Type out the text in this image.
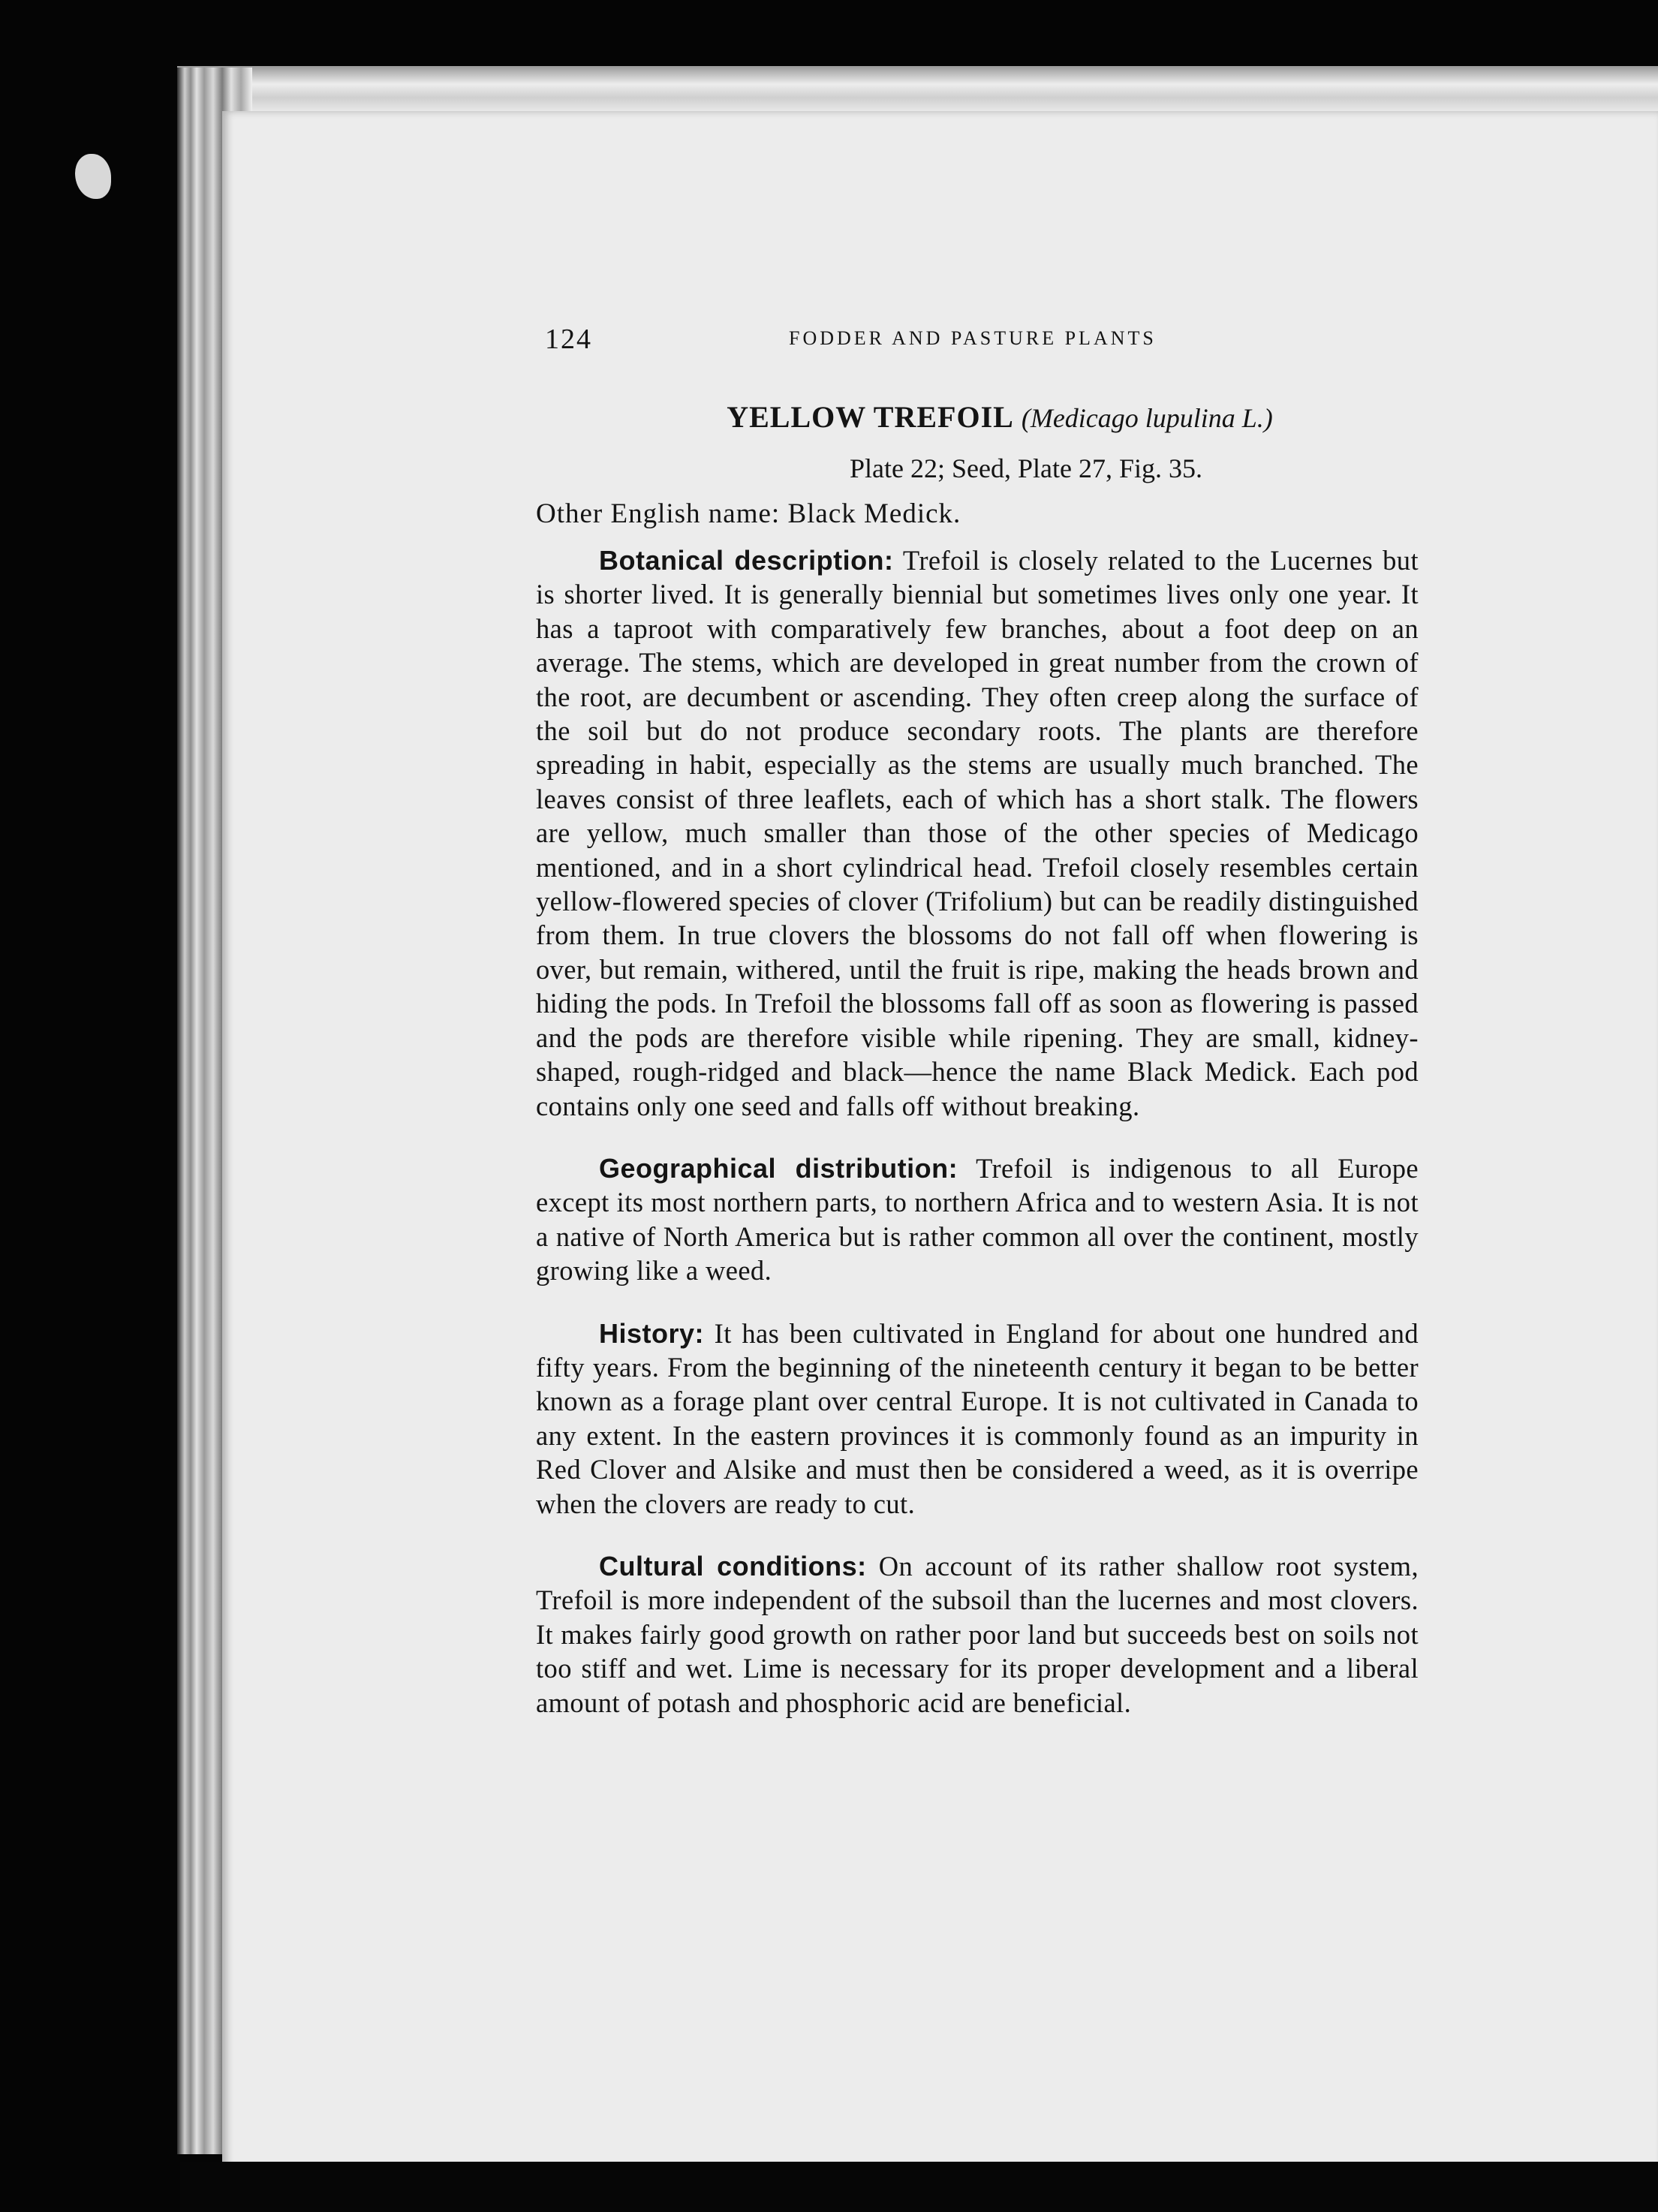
124	FODDER AND PASTURE PLANTS
YELLOW TREFOIL (Medicago lupulina L.)
Plate 22; Seed, Plate 27, Fig. 35.
Other English name: Black Medick.

Botanical description: Trefoil is closely related to the Lucernes but is shorter lived. It is generally biennial but sometimes lives only one year. It has a taproot with comparatively few branches, about a foot deep on an average. The stems, which are developed in great number from the crown of the root, are decumbent or ascending. They often creep along the surface of the soil but do not produce secondary roots. The plants are therefore spreading in habit, especially as the stems are usually much branched. The leaves consist of three leaflets, each of which has a short stalk. The flowers are yellow, much smaller than those of the other species of Medicago mentioned, and in a short cylindrical head. Trefoil closely resembles certain yellow-flowered species of clover (Trifolium) but can be readily distinguished from them. In true clovers the blossoms do not fall off when flowering is over, but remain, withered, until the fruit is ripe, making the heads brown and hiding the pods. In Trefoil the blossoms fall off as soon as flowering is passed and the pods are therefore visible while ripening. They are small, kidney-shaped, rough-ridged and black—hence the name Black Medick. Each pod contains only one seed and falls off without breaking.

Geographical distribution: Trefoil is indigenous to all Europe except its most northern parts, to northern Africa and to western Asia. It is not a native of North America but is rather common all over the continent, mostly growing like a weed.

History: It has been cultivated in England for about one hundred and fifty years. From the beginning of the nineteenth century it began to be better known as a forage plant over central Europe. It is not cultivated in Canada to any extent. In the eastern provinces it is commonly found as an impurity in Red Clover and Alsike and must then be considered a weed, as it is overripe when the clovers are ready to cut.

Cultural conditions: On account of its rather shallow root system, Trefoil is more independent of the subsoil than the lucernes and most clovers. It makes fairly good growth on rather poor land but succeeds best on soils not too stiff and wet. Lime is necessary for its proper development and a liberal amount of potash and phosphoric acid are beneficial.
